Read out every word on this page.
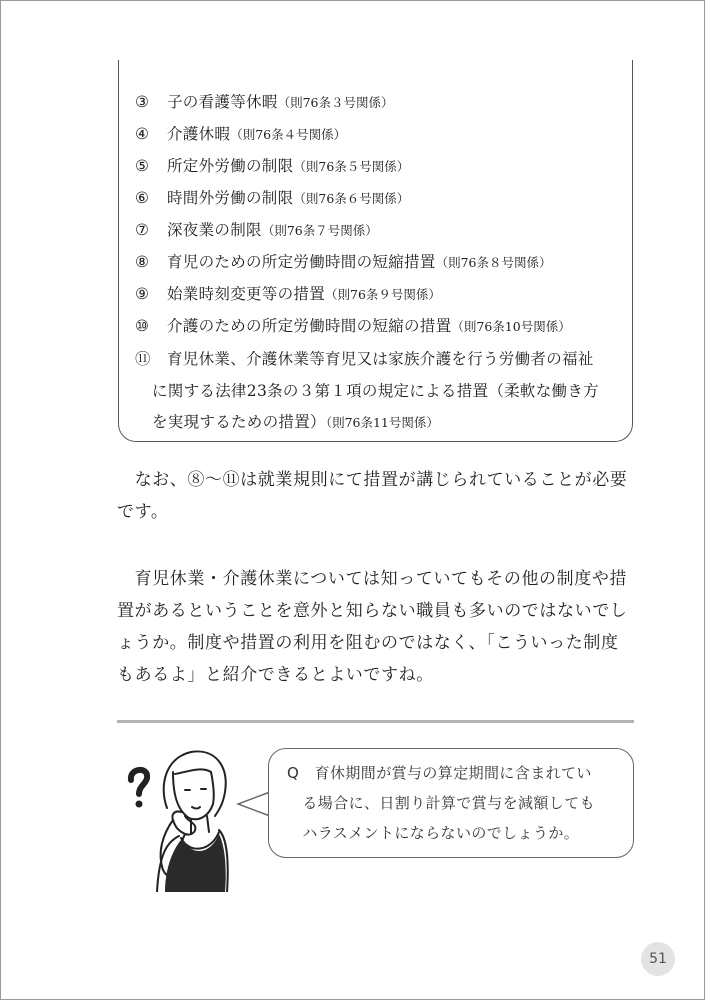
③ 子の看護等休暇（則76条３号関係）
④ 介護休暇（則76条４号関係）
⑤ 所定外労働の制限（則76条５号関係）
⑥ 時間外労働の制限（則76条６号関係）
⑦ 深夜業の制限（則76条７号関係）
⑧ 育児のための所定労働時間の短縮措置（則76条８号関係）
⑨ 始業時刻変更等の措置（則76条９号関係）
⑩ 介護のための所定労働時間の短縮の措置（則76条10号関係）
⑪ 育児休業、介護休業等育児又は家族介護を行う労働者の福祉
に関する法律23条の３第１項の規定による措置（柔軟な働き方
を実現するための措置）（則76条11号関係）
　なお、⑧〜⑪は就業規則にて措置が講じられていることが必要
です。
　育児休業・介護休業については知っていてもその他の制度や措
置があるということを意外と知らない職員も多いのではないでし
ょうか。制度や措置の利用を阻むのではなく、「こういった制度
もあるよ」と紹介できるとよいですね。
Q　育休期間が賞与の算定期間に含まれてい
　る場合に、日割り計算で賞与を減額しても
　ハラスメントにならないのでしょうか。
51
